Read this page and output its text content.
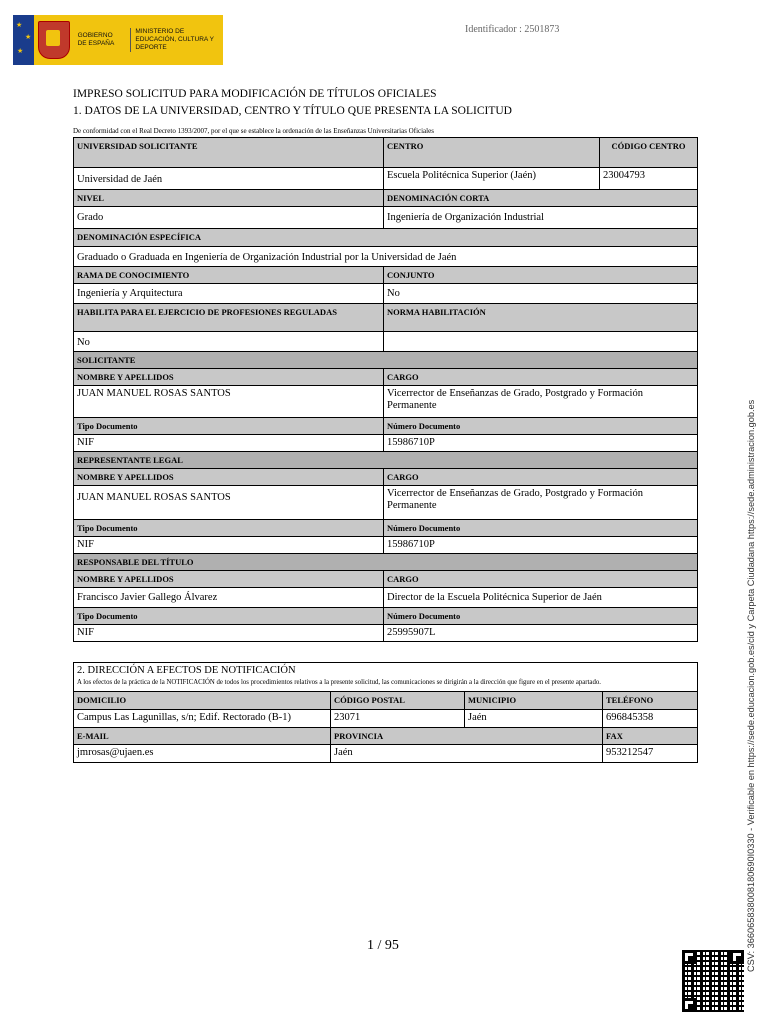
★
★
★
GOBIERNO DE ESPAÑA
MINISTERIO DE EDUCACIÓN, CULTURA Y DEPORTE
Identificador : 2501873
IMPRESO SOLICITUD PARA MODIFICACIÓN DE TÍTULOS OFICIALES
1. DATOS DE LA UNIVERSIDAD, CENTRO Y TÍTULO QUE PRESENTA LA SOLICITUD
De conformidad con el Real Decreto 1393/2007, por el que se establece la ordenación de las Enseñanzas Universitarias Oficiales
UNIVERSIDAD SOLICITANTE	CENTRO	CÓDIGO CENTRO
Universidad de Jaén	Escuela Politécnica Superior (Jaén)	23004793
NIVEL	DENOMINACIÓN CORTA	
Grado	Ingeniería de Organización Industrial	
DENOMINACIÓN ESPECÍFICA		
Graduado o Graduada en Ingeniería de Organización Industrial por la Universidad de Jaén		
RAMA DE CONOCIMIENTO	CONJUNTO	
Ingeniería y Arquitectura	No	
HABILITA PARA EL EJERCICIO DE PROFESIONES REGULADAS	NORMA HABILITACIÓN	
No		
SOLICITANTE		
NOMBRE Y APELLIDOS	CARGO	
JUAN MANUEL ROSAS SANTOS	Vicerrector de Enseñanzas de Grado, Postgrado y Formación Permanente	
Tipo Documento	Número Documento	
NIF	15986710P	
REPRESENTANTE LEGAL		
NOMBRE Y APELLIDOS	CARGO	
JUAN MANUEL ROSAS SANTOS	Vicerrector de Enseñanzas de Grado, Postgrado y Formación Permanente	
Tipo Documento	Número Documento	
NIF	15986710P	
RESPONSABLE DEL TÍTULO		
NOMBRE Y APELLIDOS	CARGO	
Francisco Javier Gallego Álvarez	Director de la Escuela Politécnica Superior de Jaén	
Tipo Documento	Número Documento	
NIF	25995907L	
2. DIRECCIÓN A EFECTOS DE NOTIFICACIÓN
A los efectos de la práctica de la NOTIFICACIÓN de todos los procedimientos relativos a la presente solicitud, las comunicaciones se dirigirán a la dirección que figure en el presente apartado.			

DOMICILIO	CÓDIGO POSTAL	MUNICIPIO	TELÉFONO
Campus Las Lagunillas, s/n; Edif. Rectorado (B-1)	23071	Jaén	696845358
E-MAIL	PROVINCIA		FAX
jmrosas@ujaen.es	Jaén		953212547
1 / 95	CSV: 366065838008180690I0330 - Verificable en https://sede.educacion.gob.es/cid y Carpeta Ciudadana https://sede.administracion.gob.es
